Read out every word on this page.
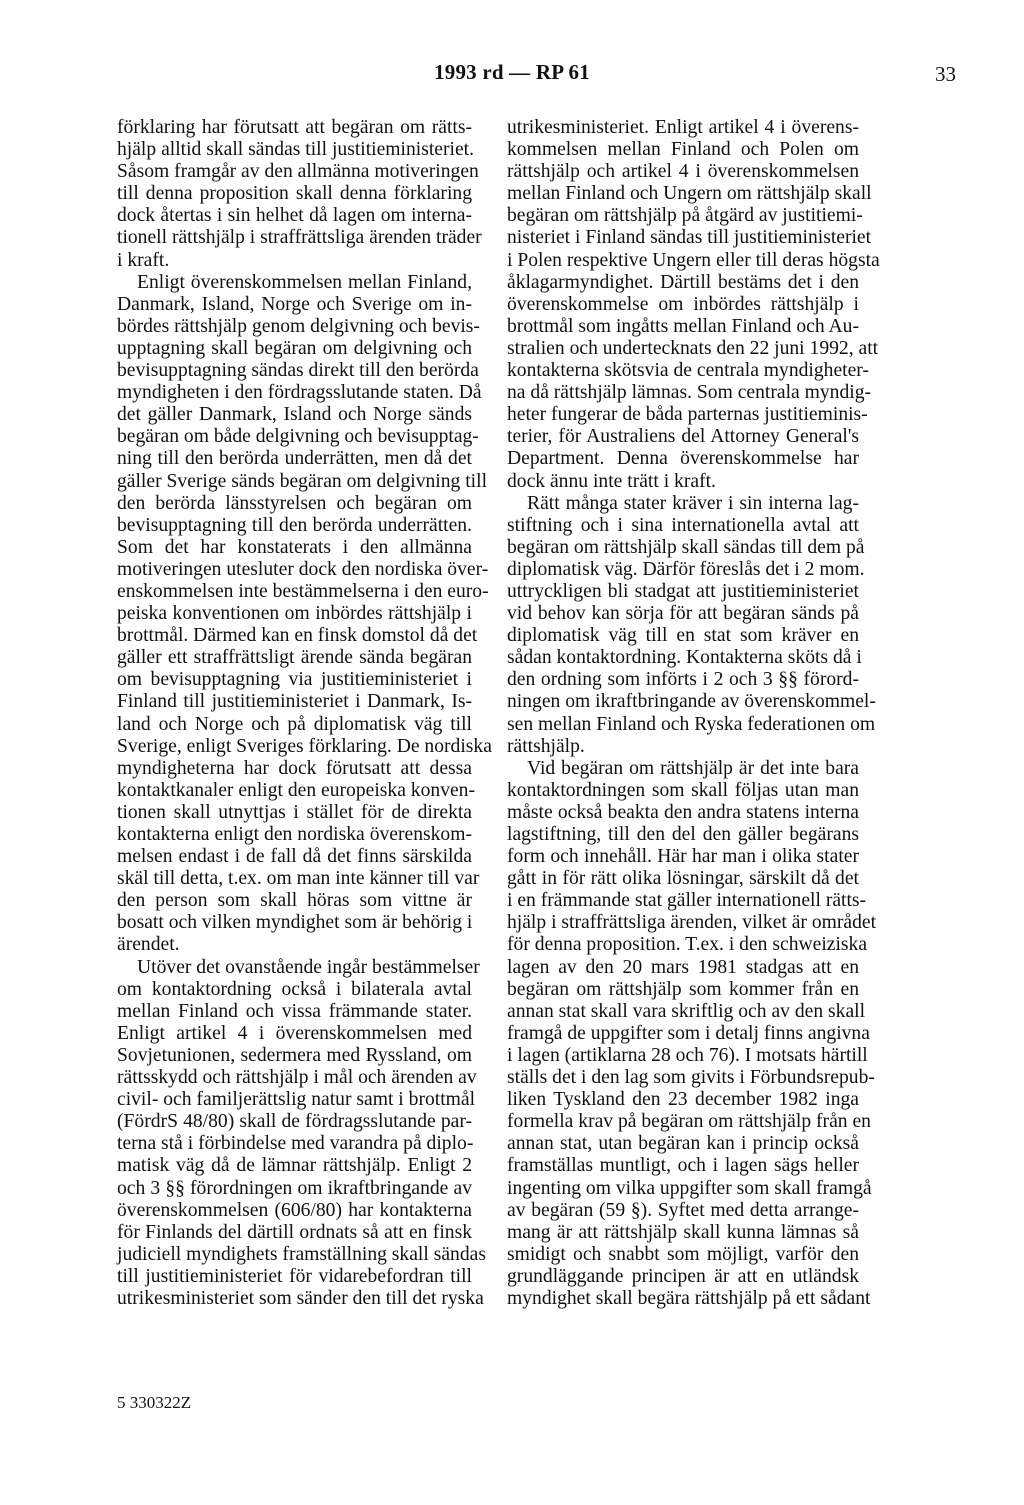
1993 rd — RP 61	33
förklaring har förutsatt att begäran om rätts-
hjälp alltid skall sändas till justitieministeriet.
Såsom framgår av den allmänna motiveringen
till denna proposition skall denna förklaring
dock återtas i sin helhet då lagen om interna-
tionell rättshjälp i straffrättsliga ärenden träder
i kraft.
Enligt överenskommelsen mellan Finland,
Danmark, Island, Norge och Sverige om in-
bördes rättshjälp genom delgivning och bevis-
upptagning skall begäran om delgivning och
bevisupptagning sändas direkt till den berörda
myndigheten i den fördragsslutande staten. Då
det gäller Danmark, Island och Norge sänds
begäran om både delgivning och bevisupptag-
ning till den berörda underrätten, men då det
gäller Sverige sänds begäran om delgivning till
den berörda länsstyrelsen och begäran om
bevisupptagning till den berörda underrätten.
Som det har konstaterats i den allmänna
motiveringen utesluter dock den nordiska över-
enskommelsen inte bestämmelserna i den euro-
peiska konventionen om inbördes rättshjälp i
brottmål. Därmed kan en finsk domstol då det
gäller ett straffrättsligt ärende sända begäran
om bevisupptagning via justitieministeriet i
Finland till justitieministeriet i Danmark, Is-
land och Norge och på diplomatisk väg till
Sverige, enligt Sveriges förklaring. De nordiska
myndigheterna har dock förutsatt att dessa
kontaktkanaler enligt den europeiska konven-
tionen skall utnyttjas i stället för de direkta
kontakterna enligt den nordiska överenskom-
melsen endast i de fall då det finns särskilda
skäl till detta, t.ex. om man inte känner till var
den person som skall höras som vittne är
bosatt och vilken myndighet som är behörig i
ärendet.
Utöver det ovanstående ingår bestämmelser
om kontaktordning också i bilaterala avtal
mellan Finland och vissa främmande stater.
Enligt artikel 4 i överenskommelsen med
Sovjetunionen, sedermera med Ryssland, om
rättsskydd och rättshjälp i mål och ärenden av
civil- och familjerättslig natur samt i brottmål
(FördrS 48/80) skall de fördragsslutande par-
terna stå i förbindelse med varandra på diplo-
matisk väg då de lämnar rättshjälp. Enligt 2
och 3 §§ förordningen om ikraftbringande av
överenskommelsen (606/80) har kontakterna
för Finlands del därtill ordnats så att en finsk
judiciell myndighets framställning skall sändas
till justitieministeriet för vidarebefordran till
utrikesministeriet som sänder den till det ryska
utrikesministeriet. Enligt artikel 4 i överens-
kommelsen mellan Finland och Polen om
rättshjälp och artikel 4 i överenskommelsen
mellan Finland och Ungern om rättshjälp skall
begäran om rättshjälp på åtgärd av justitiemi-
nisteriet i Finland sändas till justitieministeriet
i Polen respektive Ungern eller till deras högsta
åklagarmyndighet. Därtill bestäms det i den
överenskommelse om inbördes rättshjälp i
brottmål som ingåtts mellan Finland och Au-
stralien och undertecknats den 22 juni 1992, att
kontakterna skötsvia de centrala myndigheter-
na då rättshjälp lämnas. Som centrala myndig-
heter fungerar de båda parternas justitieminis-
terier, för Australiens del Attorney General's
Department. Denna överenskommelse har
dock ännu inte trätt i kraft.
Rätt många stater kräver i sin interna lag-
stiftning och i sina internationella avtal att
begäran om rättshjälp skall sändas till dem på
diplomatisk väg. Därför föreslås det i 2 mom.
uttryckligen bli stadgat att justitieministeriet
vid behov kan sörja för att begäran sänds på
diplomatisk väg till en stat som kräver en
sådan kontaktordning. Kontakterna sköts då i
den ordning som införts i 2 och 3 §§ förord-
ningen om ikraftbringande av överenskommel-
sen mellan Finland och Ryska federationen om
rättshjälp.
Vid begäran om rättshjälp är det inte bara
kontaktordningen som skall följas utan man
måste också beakta den andra statens interna
lagstiftning, till den del den gäller begärans
form och innehåll. Här har man i olika stater
gått in för rätt olika lösningar, särskilt då det
i en främmande stat gäller internationell rätts-
hjälp i straffrättsliga ärenden, vilket är området
för denna proposition. T.ex. i den schweiziska
lagen av den 20 mars 1981 stadgas att en
begäran om rättshjälp som kommer från en
annan stat skall vara skriftlig och av den skall
framgå de uppgifter som i detalj finns angivna
i lagen (artiklarna 28 och 76). I motsats härtill
ställs det i den lag som givits i Förbundsrepub-
liken Tyskland den 23 december 1982 inga
formella krav på begäran om rättshjälp från en
annan stat, utan begäran kan i princip också
framställas muntligt, och i lagen sägs heller
ingenting om vilka uppgifter som skall framgå
av begäran (59 §). Syftet med detta arrange-
mang är att rättshjälp skall kunna lämnas så
smidigt och snabbt som möjligt, varför den
grundläggande principen är att en utländsk
myndighet skall begära rättshjälp på ett sådant
5 330322Z
